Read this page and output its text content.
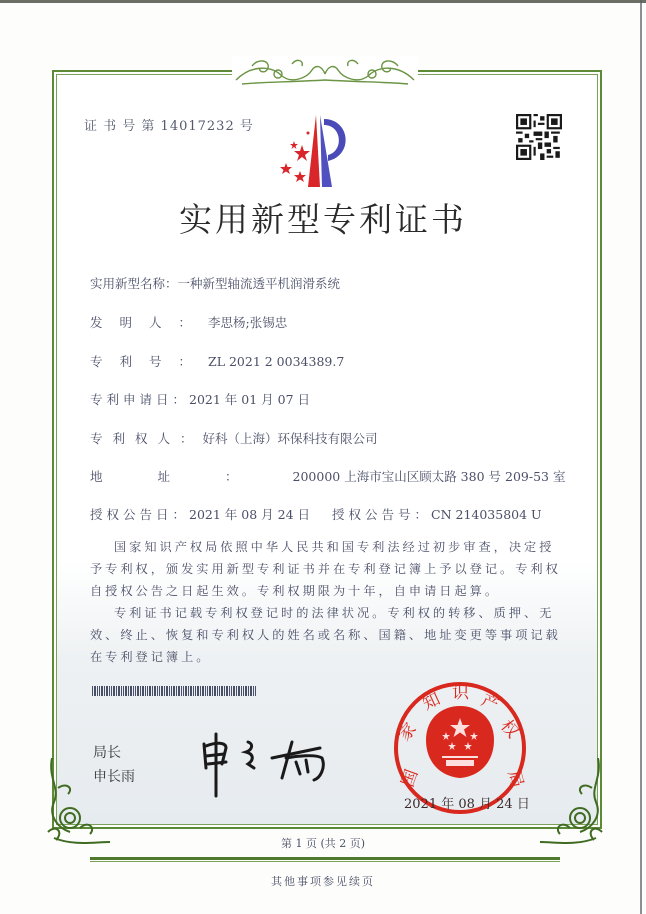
证 书 号 第 14017232 号
实用新型专利证书
实用新型名称：一种新型轴流透平机润滑系统
发明人：李思杨;张锡忠
专利号：ZL 2021 2 0034389.7
专利申请日：2021 年 01 月 07 日
专利权人：好科（上海）环保科技有限公司
地址：200000 上海市宝山区顾太路 380 号 209-53 室
授权公告日：2021 年 08 月 24 日 授权公告号：CN 214035804 U
国家知识产权局依照中华人民共和国专利法经过初步审查，决定授予专利权，颁发实用新型专利证书并在专利登记簿上予以登记。专利权自授权公告之日起生效。专利权期限为十年，自申请日起算。
专利证书记载专利权登记时的法律状况。专利权的转移、质押、无效、终止、恢复和专利权人的姓名或名称、国籍、地址变更等事项记载在专利登记簿上。
局长
申长雨	国
家
知 识 产
权
局
2021 年 08 月 24 日
第 1 页 (共 2 页)
其他事项参见续页
